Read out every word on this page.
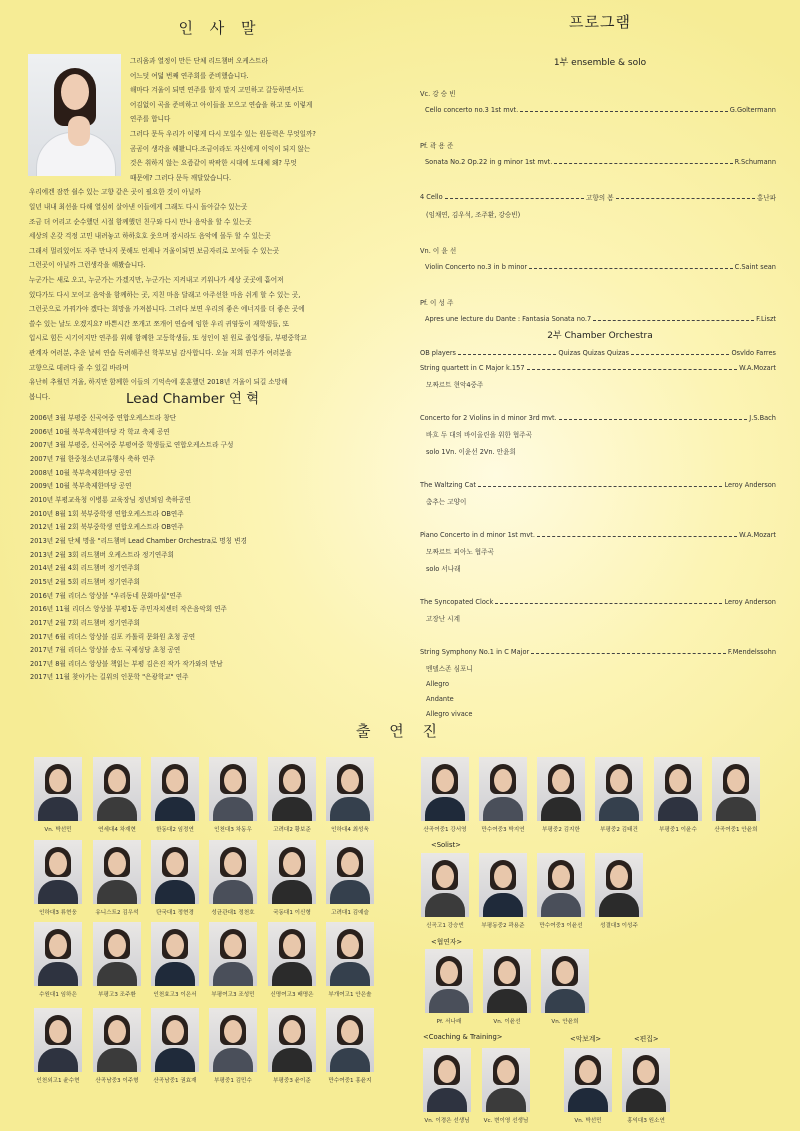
인 사 말
그리움과 열정이 만든 단체 리드챔버 오케스트라
어느덧 여덟 번째 연주회를 준비했습니다.
해마다 겨울이 되면 연주를 할지 말지 고민하고 갈등하면서도
어김없이 곡을 준비하고 아이들을 모으고 연습을 하고 또 이렇게
연주를 합니다
그러다 문득 우리가 이렇게 다시 모일수 있는 원동력은 무엇일까?
곰곰이 생각을 해봤니다.조금이라도 자신에게 이익이 되지 않는
것은 취하지 않는 요즘같이 팍팍한 시대에 도대체 왜? 무엇
때문에? 그러다 문득 깨달았습니다.
우리에겐 잠깐 쉴수 있는 고향 같은 곳이 필요한 것이 아닐까
일년 내내 최선을 다해 열심히 살아낸 이들에게 그래도 다시 돌아갈수 있는곳
조금 더 어리고 순수했던 시절 함께했던 친구와 다시 만나 음악을 할 수 있는곳
세상의 온갖 걱정 고민 내려놓고 하하호호 웃으며 잠시라도 음악에 몰두 할 수 있는곳
그래서 멀리있어도 자주 만나지 못해도 언제나 겨울이되면 보금자리로 모여들 수 있는곳
그런곳이 아닐까 그런생각을 해봤습니다.
누군가는 새로 오고, 누군가는 가겠지만, 누군가는 지켜내고 키워나가 세상 곳곳에 흩어져
있다가도 다시 모이고 음악을 함께하는 곳, 지친 마음 달래고 아주선한 마음 쉬게 할 수 있는 곳,
그런곳으로 가꿔가야 겠다는 희망을 가져봅니다. 그러다 보면 우리의 좋은 에너지를 더 좋은 곳에
쓸수 있는 날도 오겠지요? 바쁜시간 쪼개고 쪼개어 연습에 임한 우리 귀염둥이 재학생들, 또
입시로 힘든 시기이지만 연주를 위해 함께한 고등학생들, 또 성인이 된 원로 졸업생들, 부평중학교
관계자 여러분, 추운 날씨 연습 독려해주신 학부모님 감사합니다. 오늘 저희 연주가 여러분을
고향으로 데려다 줄 수 있길 바라며
유난히 추웠던 겨울, 하지만 함께한 이들의 기억속에 훈훈했던 2018년 겨울이 되길 소망해
봅니다.	Lead Chamber 연 혁
2006년 3월 부평중 신곡여중 연합오케스트라 창단
2006년 10월 북부축제한마당 각 학교 축제 공연
2007년 3월 부평중, 신곡여중 부평여중 학생들로 연합오케스트라 구성
2007년 7월 한중청소년교류행사 축하 연주
2008년 10월 북부축제한마당 공연
2009년 10월 북부축제한마당 공연
2010년 부평교육청 이병룡 교육장님 정년퇴임 축하공연
2010년 8월 1회 북부중학생 연합오케스트라 OB연주
2012년 1월 2회 북부중학생 연합오케스트라 OB연주
2013년 2월 단체 명을 "리드챔버 Lead Chamber Orchestra로 명칭 변경
2013년 2월 3회 리드챔버 오케스트라 정기연주회
2014년 2월 4회 리드챔버 정기연주회
2015년 2월 5회 리드챔버 정기연주회
2016년 7월 리더스 앙상블 "우리동네 문화마실"연주
2016년 11월 리더스 앙상블 부평1동 주민자치센터 작은음악회 연주
2017년 2월 7회 리드챔버 정기연주회
2017년 6월 리더스 앙상블 김포 카톨릭 문화원 초청 공연
2017년 7월 리더스 앙상블 송도 국제성당 초청 공연
2017년 8월 리더스 앙상블 책읽는 부평 김은진 작가 작가와의 만남
2017년 11월 찾아가는 길위의 인문학 "은광학교" 연주
프로그램
1부 ensemble & solo
Vc. 강 승 빈
Cello concerto no.3 1st mvt.	G.Goltermann
Pf. 곽 용 준
Sonata No.2 Op.22 in g minor 1st mvt.	R.Schumann
4 Cello	고향의 봄	홍난파
(임채연, 김우석, 조주환, 강승빈)
Vn. 이 윤 선
Violin Concerto no.3 in b minor	C.Saint sean
Pf. 이 성 주
Apres une lecture du Dante : Fantasia Sonata no.7	F.Liszt
OB players	Quizas Quizas Quizas	Osvldo Farres
2부 Chamber Orchestra
String quartett in C Major k.157	W.A.Mozart
모짜르트 현악4중주
Concerto for 2 Violins in d minor 3rd mvt.	J.S.Bach
바흐 두 대의 바이올린을 위한 협주곡
solo 1Vn. 이윤선 2Vn. 안윤희
The Waltzing Cat	Leroy Anderson
춤추는 고양이
Piano Concerto in d minor 1st mvt.	W.A.Mozart
모짜르트 피아노 협주곡
solo 서나래
The Syncopated Clock	Leroy Anderson
고장난 시계
String Symphony No.1 in C Major	F.Mendelssohn
멘델스존 심포니
Allegro
Andante
Allegro vivace
출 연 진
Vn. 박선민	연세대4 차재현	한동대2 임정연	인천대3 차동우	고려대2 황보준	인하대4 최성욱
인하대3 류현웅	유니스트2 김우석	단국대1 정현경	성균관대1 정천호	국동대1 이신형	고려대1 김예슬
수원대1 임하은	부평고3 조주환	인천효고3 이은서	부평여고3 조성민	신명여고3 배명은	부개여고1 안은솔
인천외고1 윤수현	산곡남중3 이주형	산곡남중1 권효재	부평중1 김민수	부평중3 윤이준	만수여중1 홍윤지
산곡여중1 강서영	만수여중3 박지연	부평중2 김지한	부평중2 김태건	부평중1 이윤수	산곡여중1 안윤희
신곡고1 강승빈	부평동중2 곽용준	만수여중3 이윤선	성결대3 이성주
Pf. 서나래	Vn. 이윤선	Vn. 안윤희
Vn. 이경은 선생님	Vc. 변이영 선생님	Vn. 박선민	홍익대3 원소연
<Solist>
<협연자>
<Coaching & Training>	<악보계>	<편집>
